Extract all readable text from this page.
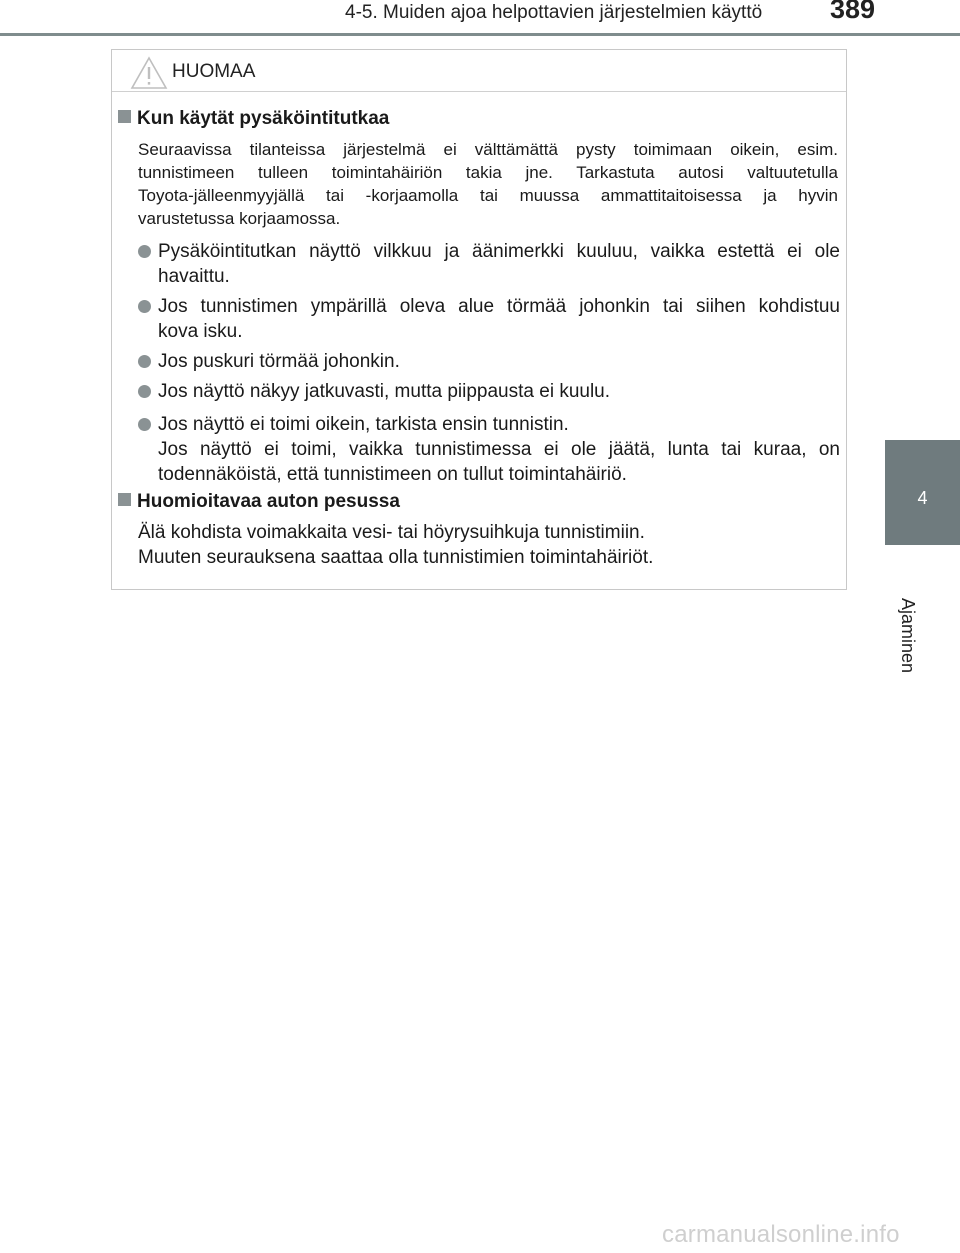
4-5. Muiden ajoa helpottavien järjestelmien käyttö	389
4
Ajaminen
HUOMAA
Kun käytät pysäköintitutkaa
Seuraavissa tilanteissa järjestelmä ei välttämättä pysty toimimaan oikein, esim.
tunnistimeen tulleen toimintahäiriön takia jne. Tarkastuta autosi valtuutetulla
Toyota-jälleenmyyjällä tai -korjaamolla tai muussa ammattitaitoisessa ja hyvin
varustetussa korjaamossa.
Pysäköintitutkan näyttö vilkkuu ja äänimerkki kuuluu, vaikka estettä ei ole
havaittu.
Jos tunnistimen ympärillä oleva alue törmää johonkin tai siihen kohdistuu
kova isku.
Jos puskuri törmää johonkin.
Jos näyttö näkyy jatkuvasti, mutta piippausta ei kuulu.
Jos näyttö ei toimi oikein, tarkista ensin tunnistin.
Jos näyttö ei toimi, vaikka tunnistimessa ei ole jäätä, lunta tai kuraa, on
todennäköistä, että tunnistimeen on tullut toimintahäiriö.
Huomioitavaa auton pesussa
Älä kohdista voimakkaita vesi- tai höyrysuihkuja tunnistimiin.
Muuten seurauksena saattaa olla tunnistimien toimintahäiriöt.
carmanualsonline.info
